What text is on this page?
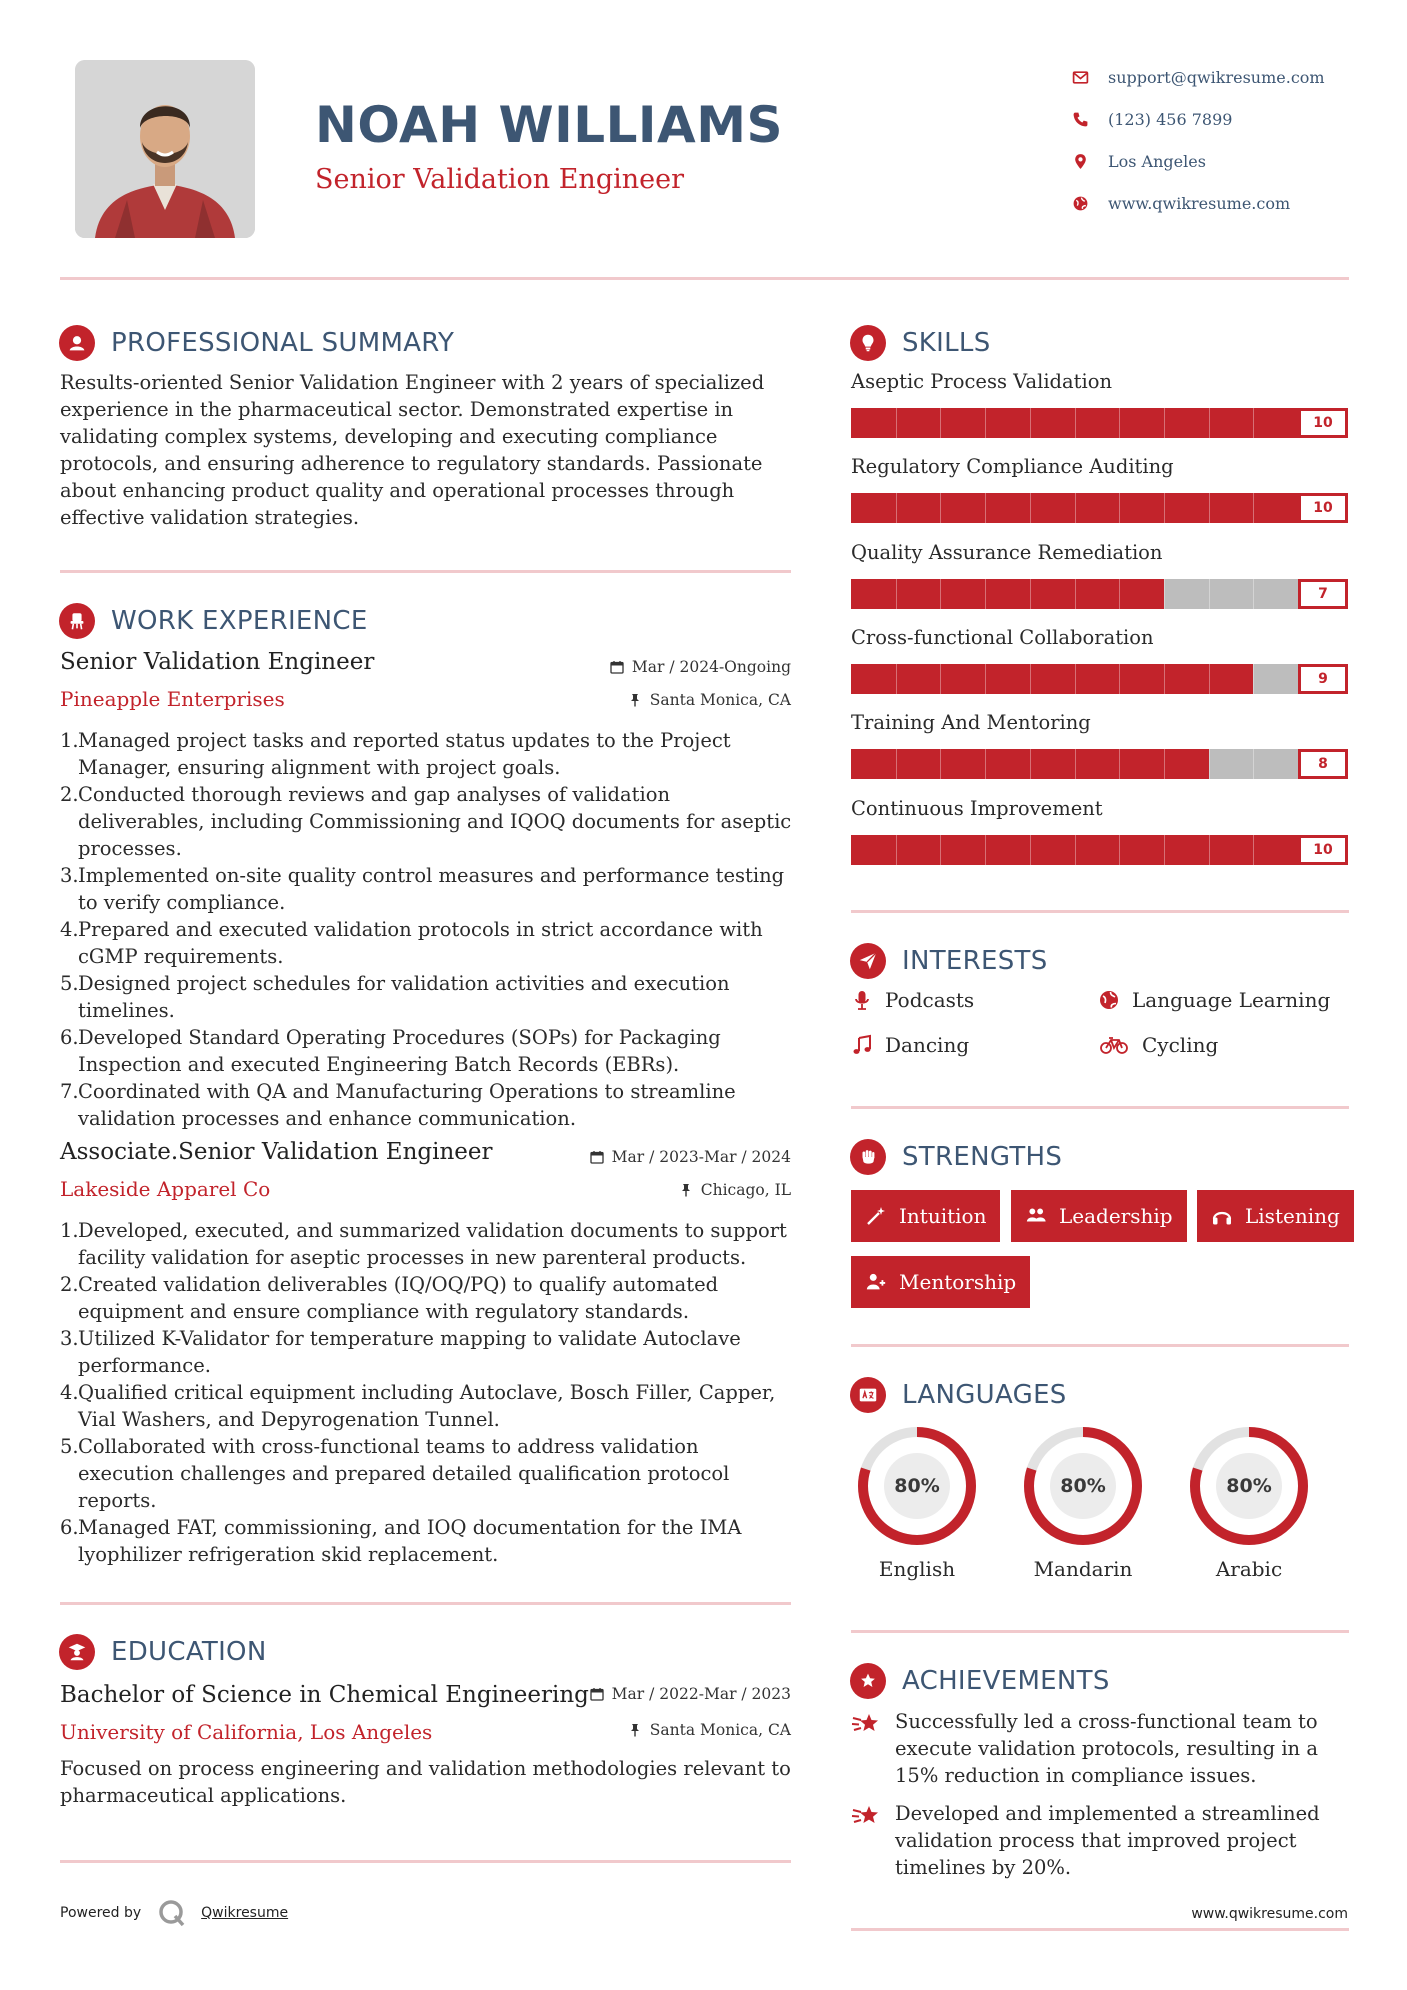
NOAH WILLIAMS
Senior Validation Engineer
support@qwikresume.com
(123) 456 7899
Los Angeles
www.qwikresume.com
PROFESSIONAL SUMMARY
Results-oriented Senior Validation Engineer with 2 years of specialized experience in the pharmaceutical sector. Demonstrated expertise in validating complex systems, developing and executing compliance protocols, and ensuring adherence to regulatory standards. Passionate about enhancing product quality and operational processes through effective validation strategies.
WORK EXPERIENCE
Senior Validation Engineer	Mar / 2024-Ongoing
Pineapple Enterprises	Santa Monica, CA
Managed project tasks and reported status updates to the Project Manager, ensuring alignment with project goals.
Conducted thorough reviews and gap analyses of validation deliverables, including Commissioning and IQOQ documents for aseptic processes.
Implemented on-site quality control measures and performance testing to verify compliance.
Prepared and executed validation protocols in strict accordance with cGMP requirements.
Designed project schedules for validation activities and execution timelines.
Developed Standard Operating Procedures (SOPs) for Packaging Inspection and executed Engineering Batch Records (EBRs).
Coordinated with QA and Manufacturing Operations to streamline validation processes and enhance communication.
Associate.Senior Validation Engineer	Mar / 2023-Mar / 2024
Lakeside Apparel Co	Chicago, IL
Developed, executed, and summarized validation documents to support facility validation for aseptic processes in new parenteral products.
Created validation deliverables (IQ/OQ/PQ) to qualify automated equipment and ensure compliance with regulatory standards.
Utilized K-Validator for temperature mapping to validate Autoclave performance.
Qualified critical equipment including Autoclave, Bosch Filler, Capper, Vial Washers, and Depyrogenation Tunnel.
Collaborated with cross-functional teams to address validation execution challenges and prepared detailed qualification protocol reports.
Managed FAT, commissioning, and IOQ documentation for the IMA lyophilizer refrigeration skid replacement.
EDUCATION
Bachelor of Science in Chemical Engineering Mar / 2022-Mar / 2023
University of California, Los Angeles	Santa Monica, CA
Focused on process engineering and validation methodologies relevant to pharmaceutical applications.
SKILLS
Aseptic Process Validation
10
Regulatory Compliance Auditing
10
Quality Assurance Remediation
7
Cross-functional Collaboration
9
Training And Mentoring
8
Continuous Improvement
10
INTERESTS
Podcasts	Language Learning
Dancing	Cycling
STRENGTHS
Intuition	Leadership	Listening
Mentorship
LANGUAGES
80%
English
80%
Mandarin
80%
Arabic
ACHIEVEMENTS
Successfully led a cross-functional team to execute validation protocols, resulting in a 15% reduction in compliance issues.
Developed and implemented a streamlined validation process that improved project timelines by 20%.
Powered by	Qwikresume	www.qwikresume.com
